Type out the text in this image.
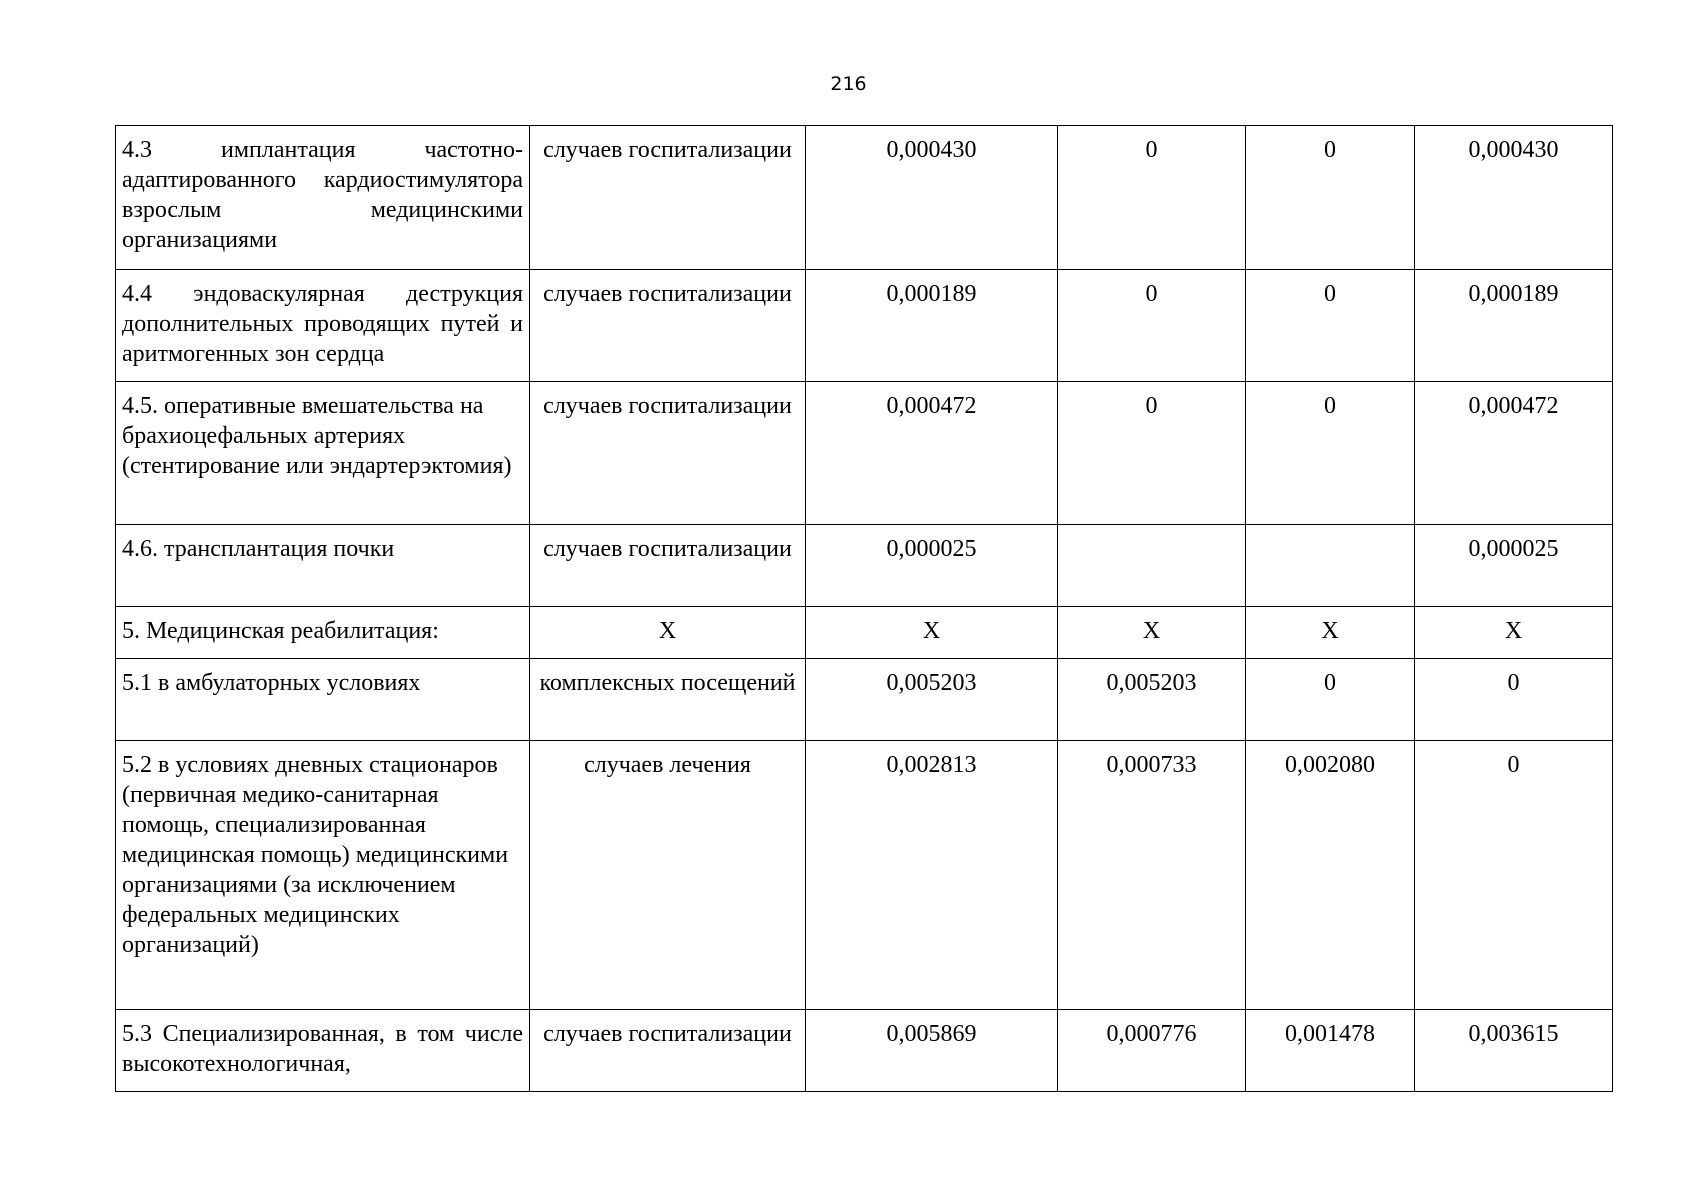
216
4.3 имплантация частотно-адаптированного кардиостимулятора взрослым медицинскими организациями	случаев госпитализации	0,000430	0	0	0,000430
4.4 эндоваскулярная деструкция дополнительных проводящих путей и аритмогенных зон сердца	случаев госпитализации	0,000189	0	0	0,000189
4.5. оперативные вмешательства на брахиоцефальных артериях (стентирование или эндартерэктомия)	случаев госпитализации	0,000472	0	0	0,000472
4.6. трансплантация почки	случаев госпитализации	0,000025			0,000025
5. Медицинская реабилитация:	Х	Х	Х	Х	Х
5.1 в амбулаторных условиях	комплексных посещений	0,005203	0,005203	0	0
5.2 в условиях дневных стационаров (первичная медико-санитарная помощь, специализированная медицинская помощь) медицинскими организациями (за исключением федеральных медицинских организаций)	случаев лечения	0,002813	0,000733	0,002080	0
5.3 Специализированная, в том числе высокотехнологичная,	случаев госпитализации	0,005869	0,000776	0,001478	0,003615
